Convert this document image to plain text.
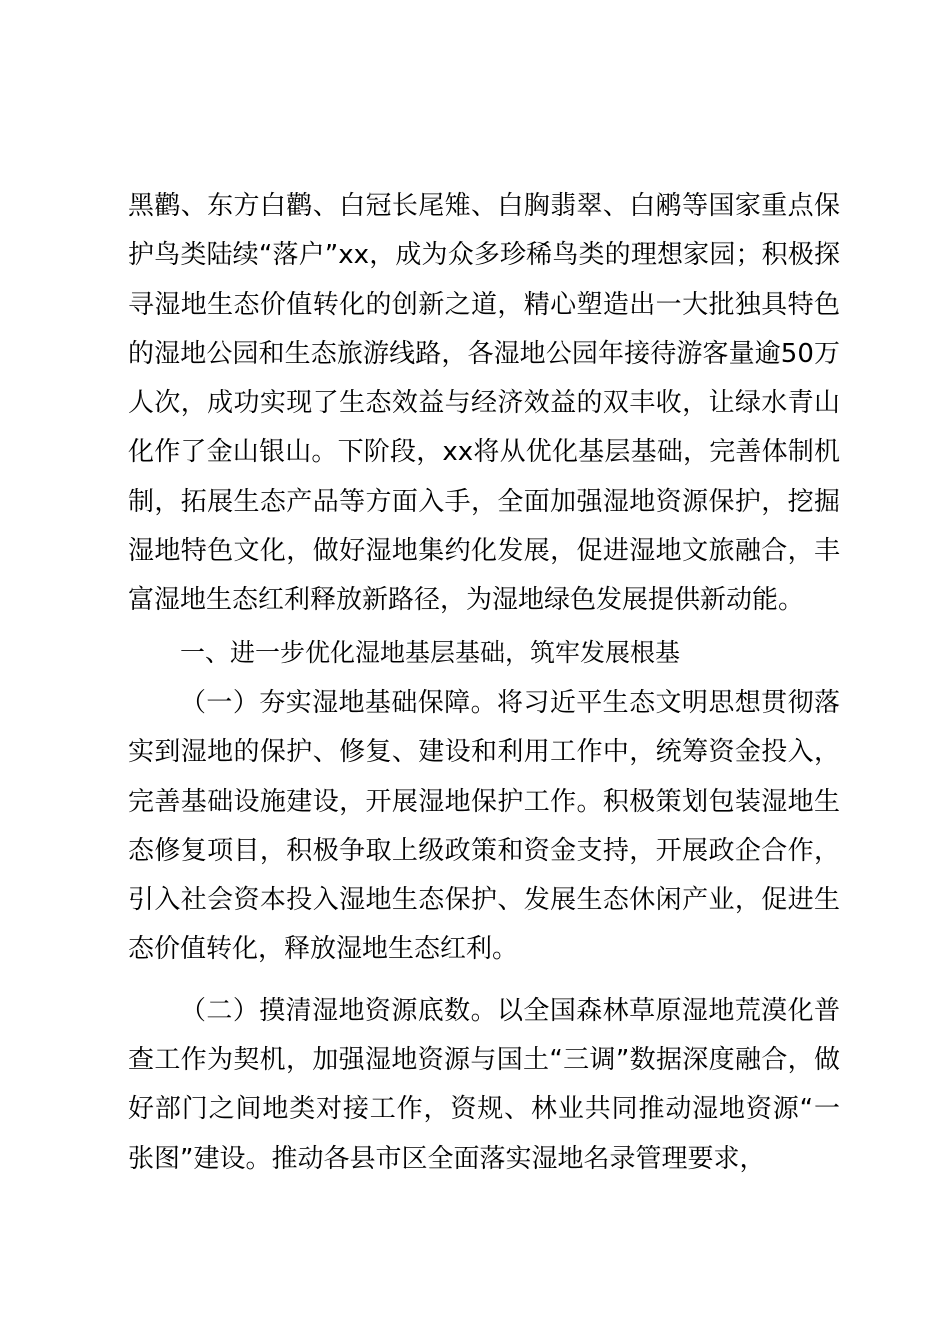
黑鹳、东方白鹳、白冠长尾雉、白胸翡翠、白鹇等国家重点保护鸟类陆续“落户”xx，成为众多珍稀鸟类的理想家园；积极探寻湿地生态价值转化的创新之道，精心塑造出一大批独具特色的湿地公园和生态旅游线路，各湿地公园年接待游客量逾50万人次，成功实现了生态效益与经济效益的双丰收，让绿水青山化作了金山银山。下阶段，xx将从优化基层基础，完善体制机制，拓展生态产品等方面入手，全面加强湿地资源保护，挖掘湿地特色文化，做好湿地集约化发展，促进湿地文旅融合，丰富湿地生态红利释放新路径，为湿地绿色发展提供新动能。

一、进一步优化湿地基层基础，筑牢发展根基

（一）夯实湿地基础保障。将习近平生态文明思想贯彻落实到湿地的保护、修复、建设和利用工作中，统筹资金投入，完善基础设施建设，开展湿地保护工作。积极策划包装湿地生态修复项目，积极争取上级政策和资金支持，开展政企合作，引入社会资本投入湿地生态保护、发展生态休闲产业，促进生态价值转化，释放湿地生态红利。

（二）摸清湿地资源底数。以全国森林草原湿地荒漠化普查工作为契机，加强湿地资源与国土“三调”数据深度融合，做好部门之间地类对接工作，资规、林业共同推动湿地资源“一张图”建设。推动各县市区全面落实湿地名录管理要求，
